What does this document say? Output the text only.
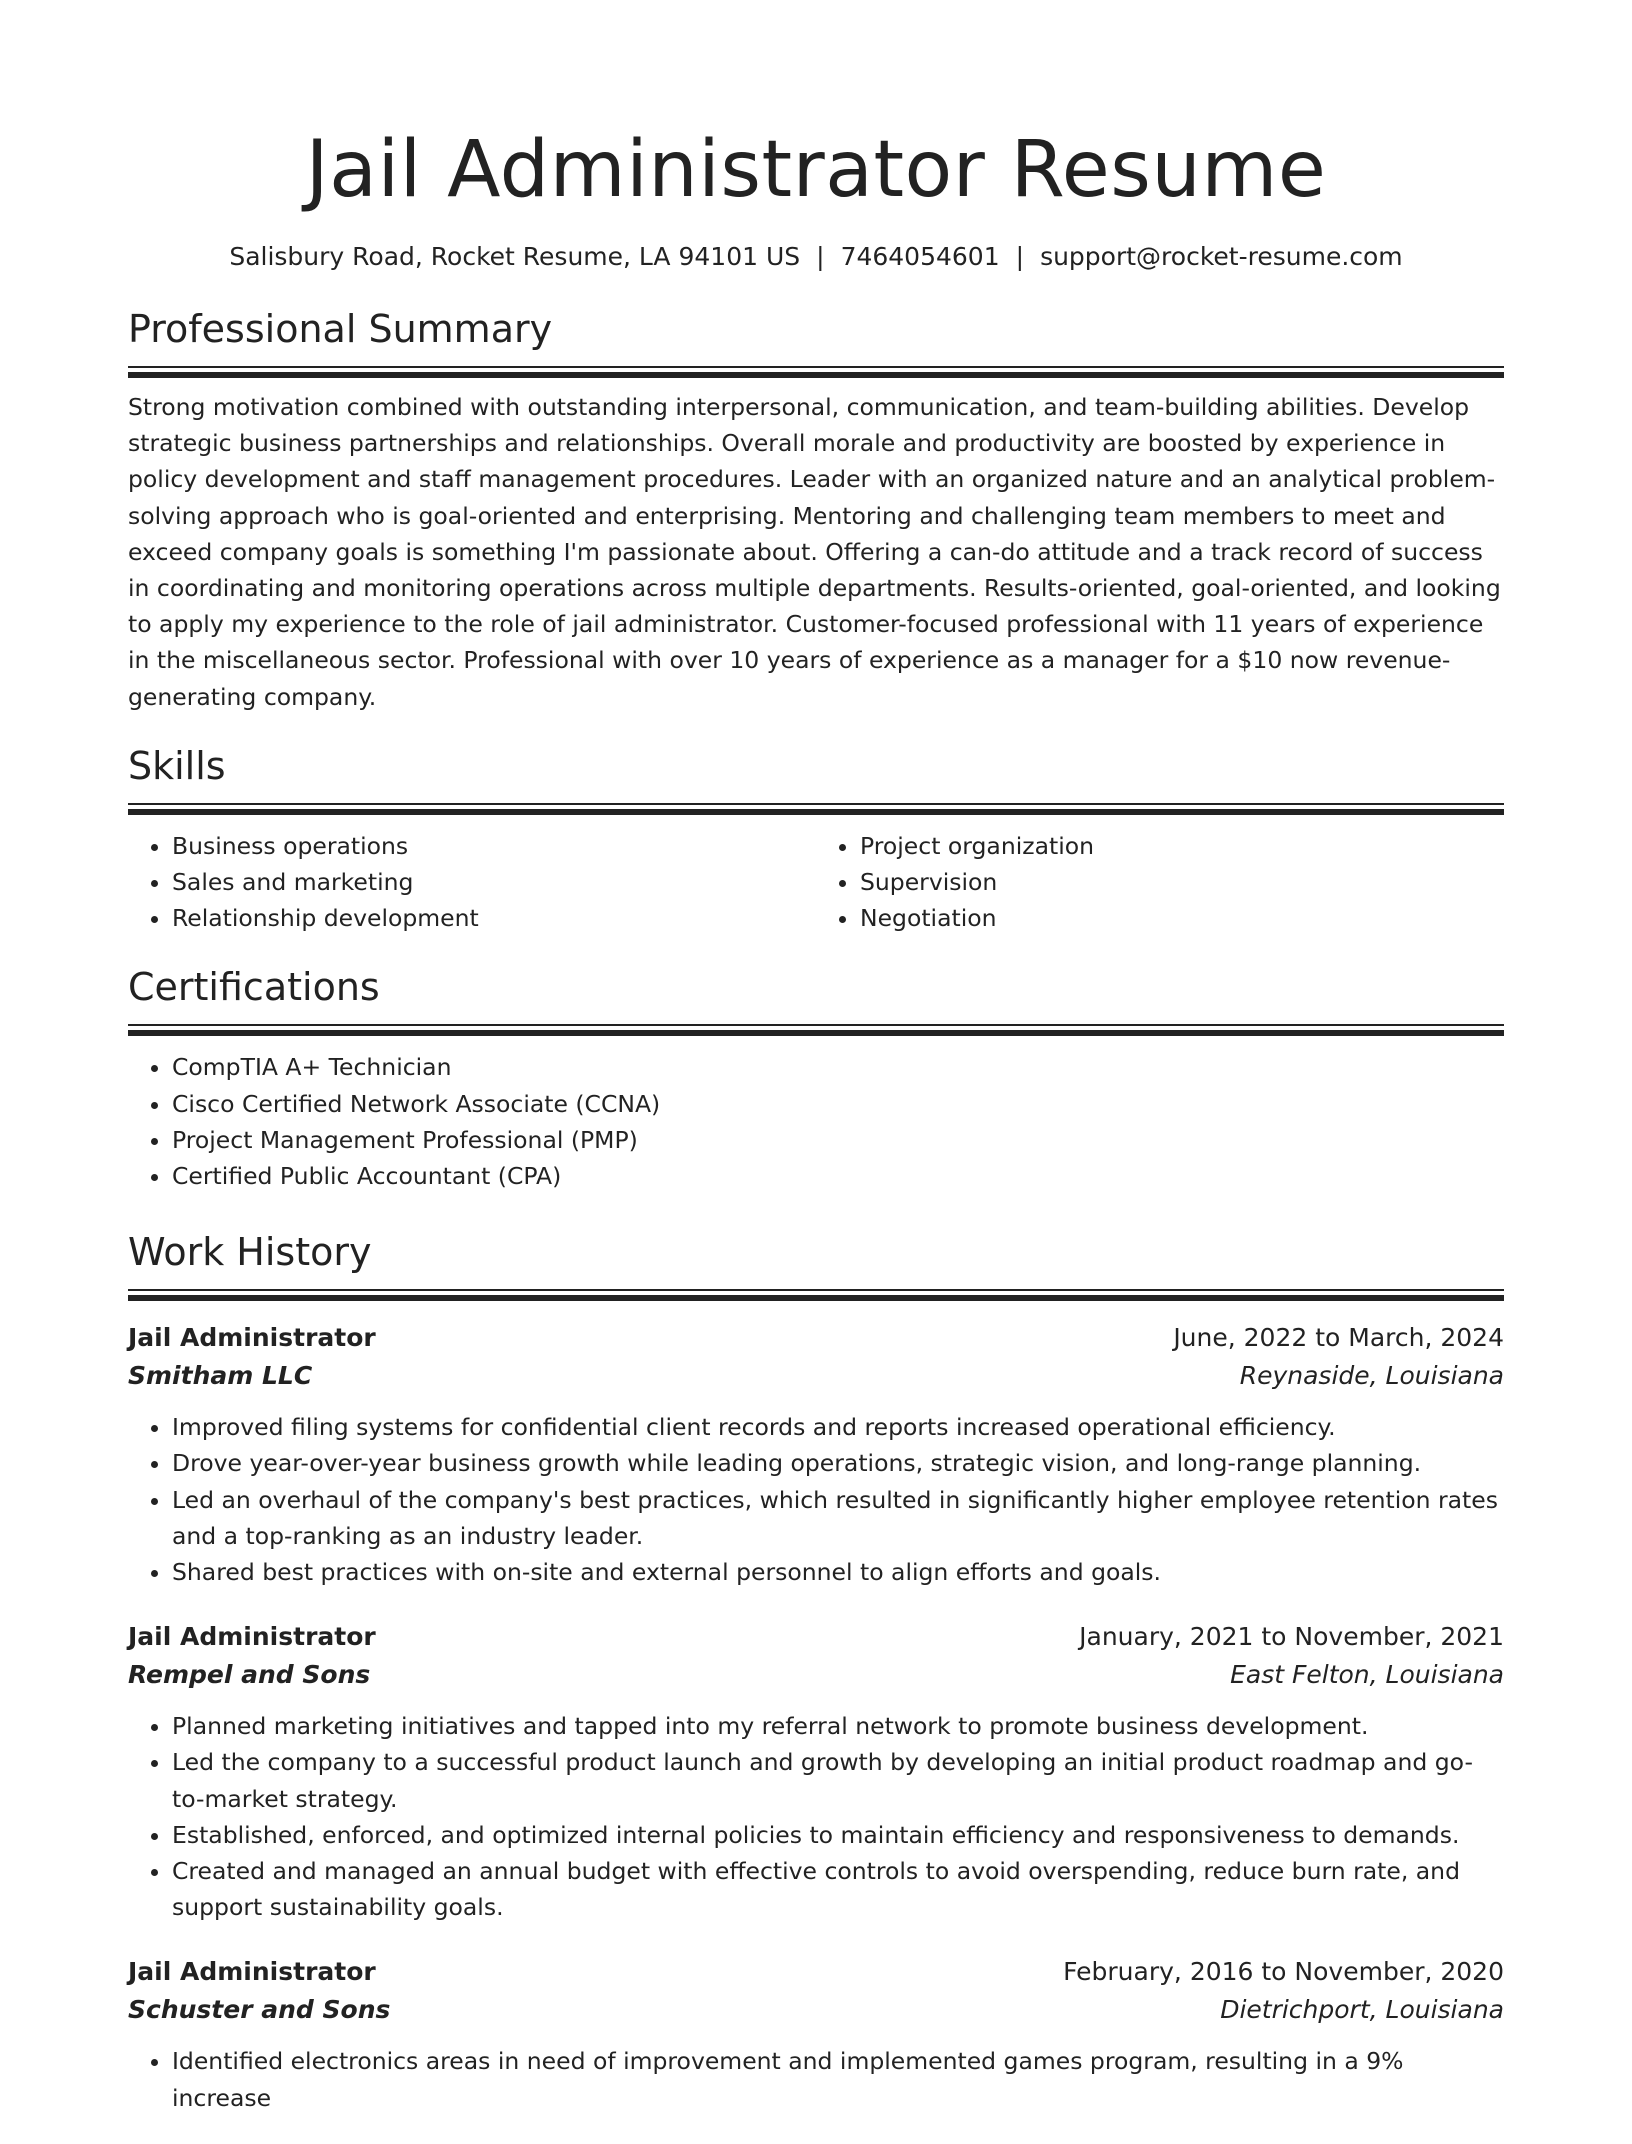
Jail Administrator Resume
Salisbury Road, Rocket Resume, LA 94101 US | 7464054601 | support@rocket-resume.com
Professional Summary
Strong motivation combined with outstanding interpersonal, communication, and team-building abilities. Develop strategic business partnerships and relationships. Overall morale and productivity are boosted by experience in policy development and staff management procedures. Leader with an organized nature and an analytical problem-solving approach who is goal-oriented and enterprising. Mentoring and challenging team members to meet and exceed company goals is something I'm passionate about. Offering a can-do attitude and a track record of success in coordinating and monitoring operations across multiple departments. Results-oriented, goal-oriented, and looking to apply my experience to the role of jail administrator. Customer-focused professional with 11 years of experience in the miscellaneous sector. Professional with over 10 years of experience as a manager for a $10 now revenue-generating company.
Skills
• Business operations
• Sales and marketing
• Relationship development
• Project organization
• Supervision
• Negotiation
Certifications
• CompTIA A+ Technician
• Cisco Certified Network Associate (CCNA)
• Project Management Professional (PMP)
• Certified Public Accountant (CPA)
Work History
Jail Administrator	June, 2022 to March, 2024
Smitham LLC	Reynaside, Louisiana
• Improved filing systems for confidential client records and reports increased operational efficiency.
• Drove year-over-year business growth while leading operations, strategic vision, and long-range planning.
• Led an overhaul of the company's best practices, which resulted in significantly higher employee retention rates and a top-ranking as an industry leader.
• Shared best practices with on-site and external personnel to align efforts and goals.
Jail Administrator	January, 2021 to November, 2021
Rempel and Sons	East Felton, Louisiana
• Planned marketing initiatives and tapped into my referral network to promote business development.
• Led the company to a successful product launch and growth by developing an initial product roadmap and go-to-market strategy.
• Established, enforced, and optimized internal policies to maintain efficiency and responsiveness to demands.
• Created and managed an annual budget with effective controls to avoid overspending, reduce burn rate, and support sustainability goals.
Jail Administrator	February, 2016 to November, 2020
Schuster and Sons	Dietrichport, Louisiana
• Identified electronics areas in need of improvement and implemented games program, resulting in a 9% increase
